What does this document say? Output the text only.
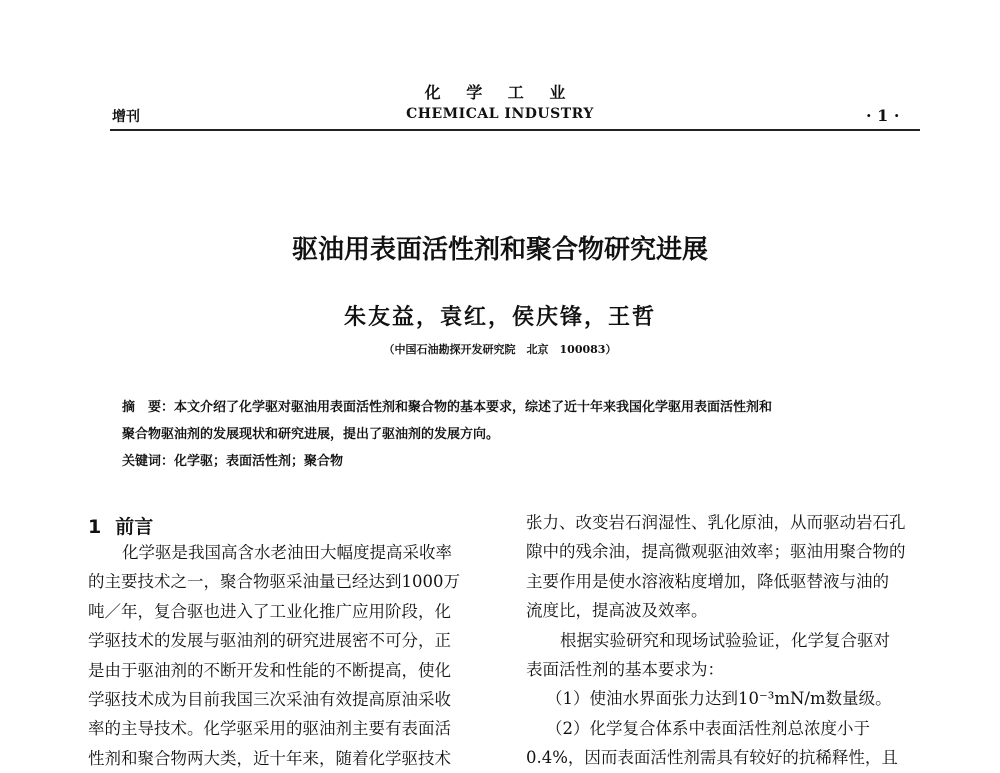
化 学 工 业
CHEMICAL INDUSTRY
增刊	· 1 ·
驱油用表面活性剂和聚合物研究进展
朱友益，袁红，侯庆锋，王哲
（中国石油勘探开发研究院　北京　100083）
摘　要：本文介绍了化学驱对驱油用表面活性剂和聚合物的基本要求，综述了近十年来我国化学驱用表面活性剂和
聚合物驱油剂的发展现状和研究进展，提出了驱油剂的发展方向。
关键词：化学驱；表面活性剂；聚合物
1 前言
化学驱是我国高含水老油田大幅度提高采收率
的主要技术之一，聚合物驱采油量已经达到1000万
吨／年，复合驱也进入了工业化推广应用阶段，化
学驱技术的发展与驱油剂的研究进展密不可分，正
是由于驱油剂的不断开发和性能的不断提高，使化
学驱技术成为目前我国三次采油有效提高原油采收
率的主导技术。化学驱采用的驱油剂主要有表面活
性剂和聚合物两大类，近十年来，随着化学驱技术
张力、改变岩石润湿性、乳化原油，从而驱动岩石孔
隙中的残余油，提高微观驱油效率；驱油用聚合物的
主要作用是使水溶液粘度增加，降低驱替液与油的
流度比，提高波及效率。
根据实验研究和现场试验验证，化学复合驱对
表面活性剂的基本要求为：
（1）使油水界面张力达到10⁻³mN/m数量级。
（2）化学复合体系中表面活性剂总浓度小于
0.4%，因而表面活性剂需具有较好的抗稀释性，且
